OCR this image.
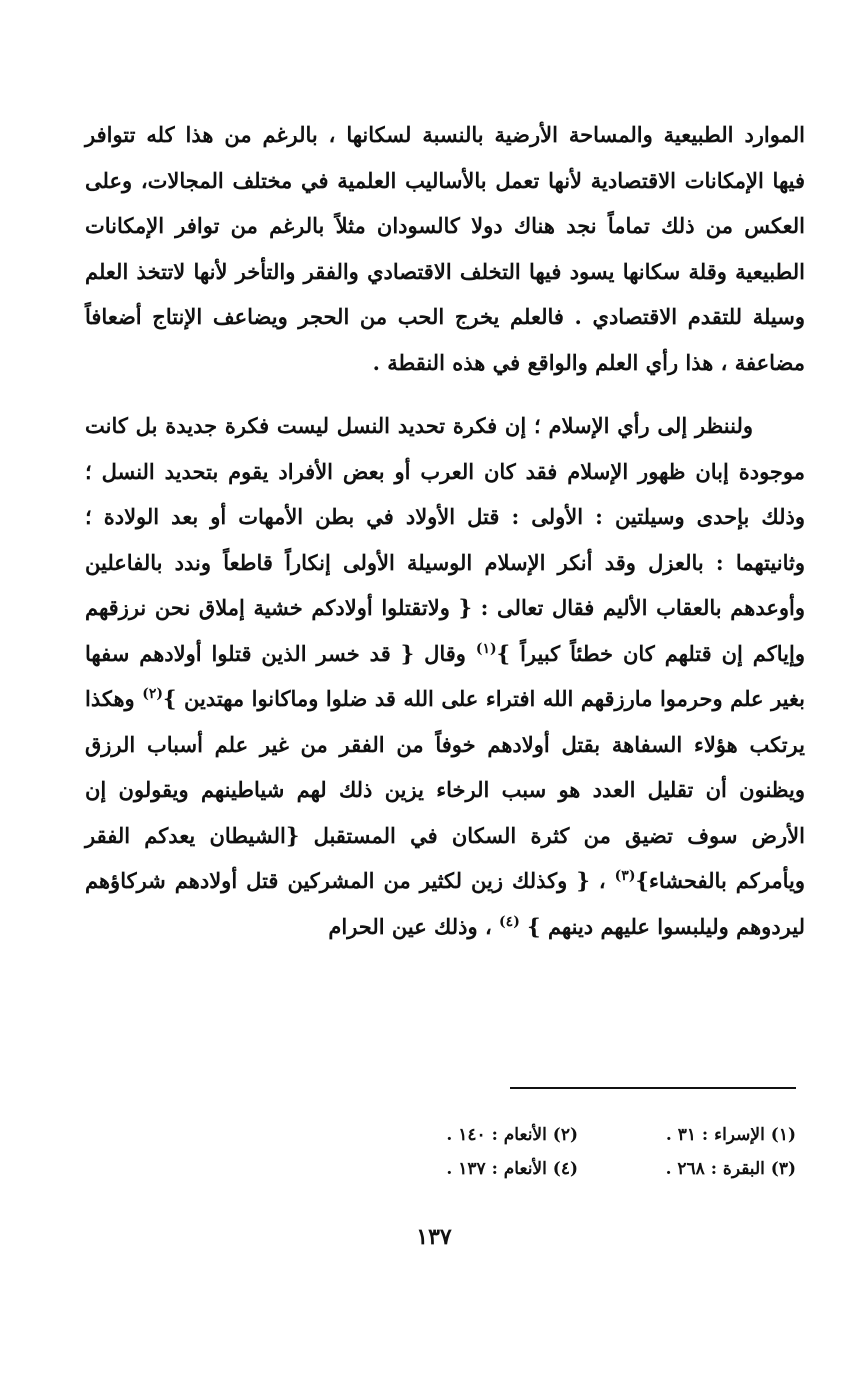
الموارد الطبيعية والمساحة الأرضية بالنسبة لسكانها ، بالرغم من هذا كله تتوافر فيها الإمكانات الاقتصادية لأنها تعمل بالأساليب العلمية في مختلف المجالات، وعلى العكس من ذلك تماماً نجد هناك دولا كالسودان مثلاً بالرغم من توافر الإمكانات الطبيعية وقلة سكانها يسود فيها التخلف الاقتصادي والفقر والتأخر لأنها لاتتخذ العلم وسيلة للتقدم الاقتصادي . فالعلم يخرج الحب من الحجر ويضاعف الإنتاج أضعافاً مضاعفة ، هذا رأي العلم والواقع في هذه النقطة .

ولننظر إلى رأي الإسلام ؛ إن فكرة تحديد النسل ليست فكرة جديدة بل كانت موجودة إبان ظهور الإسلام فقد كان العرب أو بعض الأفراد يقوم بتحديد النسل ؛ وذلك بإحدى وسيلتين : الأولى : قتل الأولاد في بطن الأمهات أو بعد الولادة ؛ وثانيتهما : بالعزل وقد أنكر الإسلام الوسيلة الأولى إنكاراً قاطعاً وندد بالفاعلين وأوعدهم بالعقاب الأليم فقال تعالى : { ولاتقتلوا أولادكم خشية إملاق نحن نرزقهم وإياكم إن قتلهم كان خطئاً كبيراً }$^{(١)}$ وقال { قد خسر الذين قتلوا أولادهم سفها بغير علم وحرموا مارزقهم الله افتراء على الله قد ضلوا وماكانوا مهتدين }$^{(٢)}$ وهكذا يرتكب هؤلاء السفاهة بقتل أولادهم خوفاً من الفقر من غير علم أسباب الرزق ويظنون أن تقليل العدد هو سبب الرخاء يزين ذلك لهم شياطينهم ويقولون إن الأرض سوف تضيق من كثرة السكان في المستقبل {الشيطان يعدكم الفقر ويأمركم بالفحشاء}$^{(٣)}$ ، { وكذلك زين لكثير من المشركين قتل أولادهم شركاؤهم ليردوهم وليلبسوا عليهم دينهم } $^{(٤)}$ ، وذلك عين الحرام

(١) الإسراء : ٣١ .
(٢) الأنعام : ١٤٠ .
(٣) البقرة : ٢٦٨ .
(٤) الأنعام : ١٣٧ .
١٣٧
